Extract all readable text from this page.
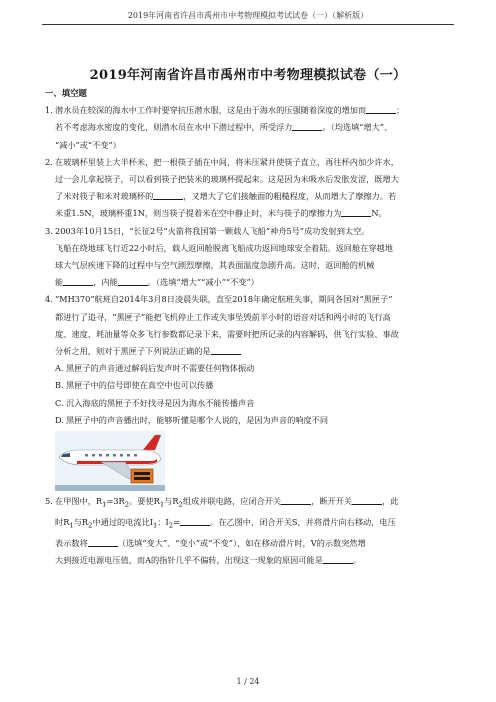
2019年河南省许昌市禹州市中考物理模拟考试试卷（一）（解析版）
2019年河南省许昌市禹州市中考物理模拟试卷（一）
一、填空题
1. 潜水员在较深的海水中工作时要穿抗压潜水服，这是由于海水的压强随着深度的增加而	；
若不考虑海水密度的变化，则潜水员在水中下潜过程中，所受浮力	。（均选填“增大”、
“减小”或“不变”）
2. 在玻璃杯里装上大半杯米，把一根筷子插在中间，将米压紧并使筷子直立，再往杯内加少许水，
过一会儿拿起筷子，可以看到筷子把装米的玻璃杯提起来。这是因为米吸水后发胀发涩，既增大
了米对筷子和米对玻璃杯的	，又增大了它们接触面的粗糙程度，从而增大了摩擦力。若
米重1.5N，玻璃杯重1N，则当筷子提着米在空中静止时，米与筷子的摩擦力为	N。
3. 2003年10月15日，“长征2号”火箭将我国第一颗载人飞船“神舟5号”成功发射到太空。
飞船在绕地球飞行近22小时后，载人返回舱脱离飞船成功返回地球安全着陆。返回舱在穿越地
球大气层疾速下降的过程中与空气剧烈摩擦，其表面温度急剧升高。这时，返回舱的机械
能	，内能	。（选填“增大”“减小”“不变”）
4. “MH370”航班自2014年3月8日凌晨失联，直至2018年确定航班失事，期间各国对“黑匣子”
都进行了追寻，“黑匣子”能把飞机停止工作或失事坠毁前半小时的语音对话和两小时的飞行高
度、速度、耗油量等众多飞行参数都记录下来，需要时把所记录的内容解码，供飞行实验、事故
分析之用，则对于黑匣子下列说法正确的是
A. 黑匣子的声音通过解码后发声时不需要任何物体振动
B. 黑匣子中的信号即使在真空中也可以传播
C. 沉入海底的黑匣子不好找寻是因为海水不能传播声音
D. 黑匣子中的声音播出时，能够听懂是哪个人说的，是因为声音的响度不同
5. 在甲图中，$R_1=3R_2$。要使$R_1$与$R_2$组成并联电路，应闭合开关	，断开开关	，此
时$R_1$与$R_2$中通过的电流比$I_1$：$I_2=$	。在乙图中，闭合开关S，并将滑片向右移动，电压
表示数将	（选填“变大”、“变小”或“不变”），如在移动滑片时，V的示数突然增
大到接近电源电压值，而A的指针几乎不偏转，出现这一现象的原因可能是	。
1 / 24
